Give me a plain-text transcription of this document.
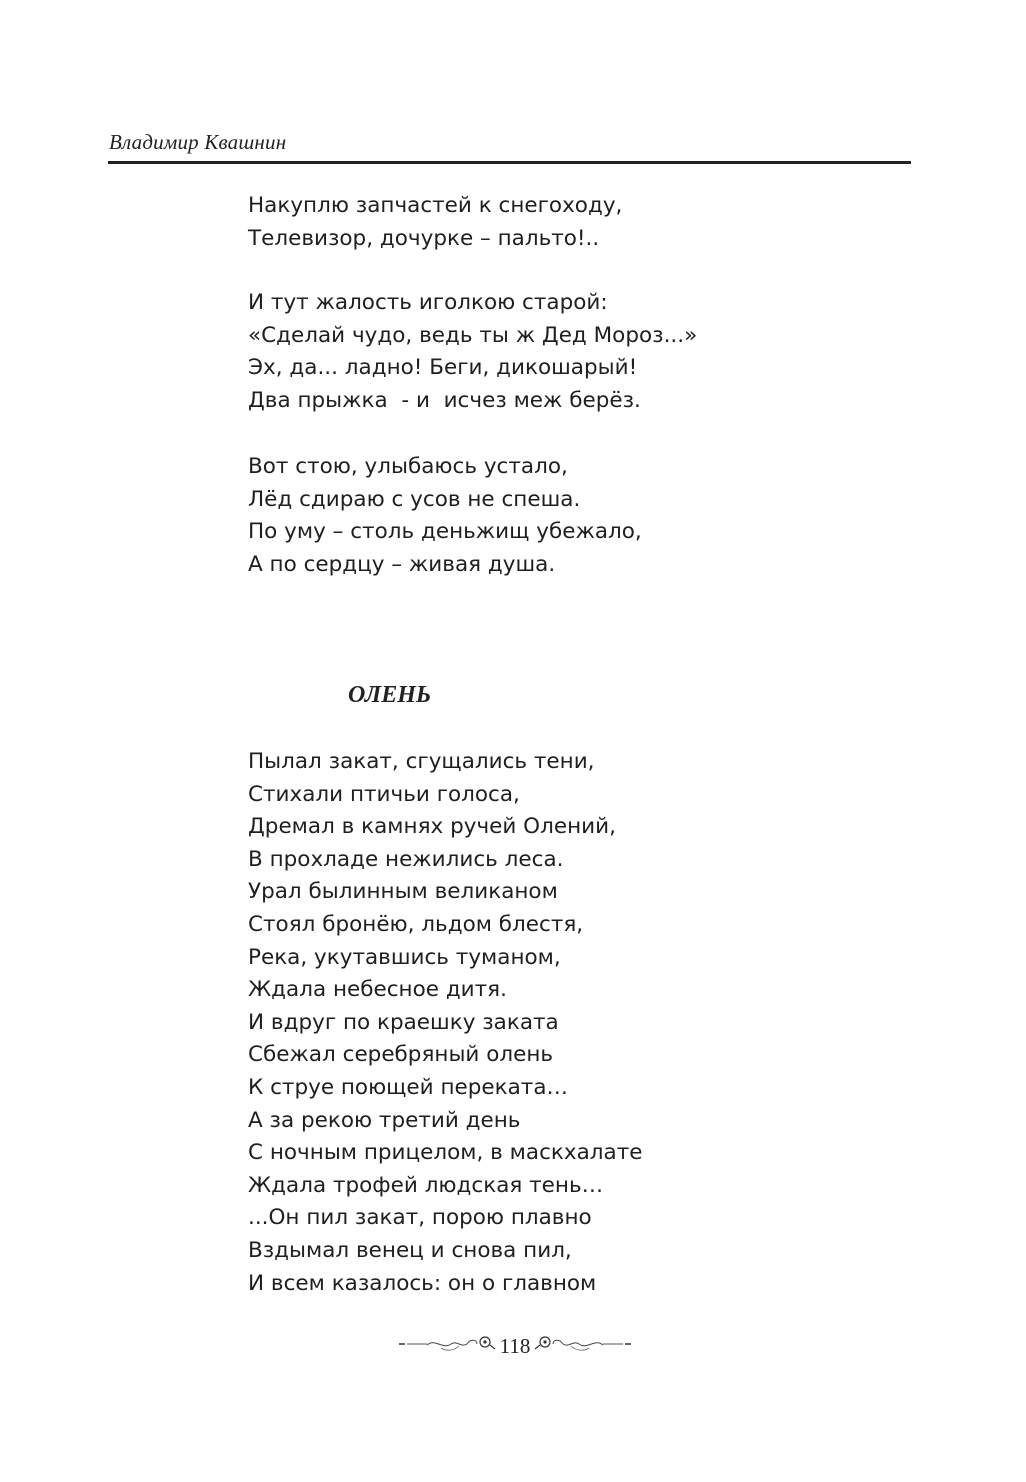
Владимир Квашнин
Накуплю запчастей к снегоходу,
Телевизор, дочурке – пальто!..
И тут жалость иголкою старой:
«Сделай чудо, ведь ты ж Дед Мороз...»
Эх, да... ладно! Беги, дикошарый!
Два прыжка  - и  исчез меж берёз.
Вот стою, улыбаюсь устало,
Лёд сдираю с усов не спеша.
По уму – столь деньжищ убежало,
А по сердцу – живая душа.
ОЛЕНЬ
Пылал закат, сгущались тени,
Стихали птичьи голоса,
Дремал в камнях ручей Олений,
В прохладе нежились леса.
Урал былинным великаном
Стоял бронёю, льдом блестя,
Река, укутавшись туманом,
Ждала небесное дитя.
И вдруг по краешку заката
Сбежал серебряный олень
К струе поющей переката…
А за рекою третий день
С ночным прицелом, в маскхалате
Ждала трофей людская тень…
...Он пил закат, порою плавно
Вздымал венец и снова пил,
И всем казалось: он о главном
118
